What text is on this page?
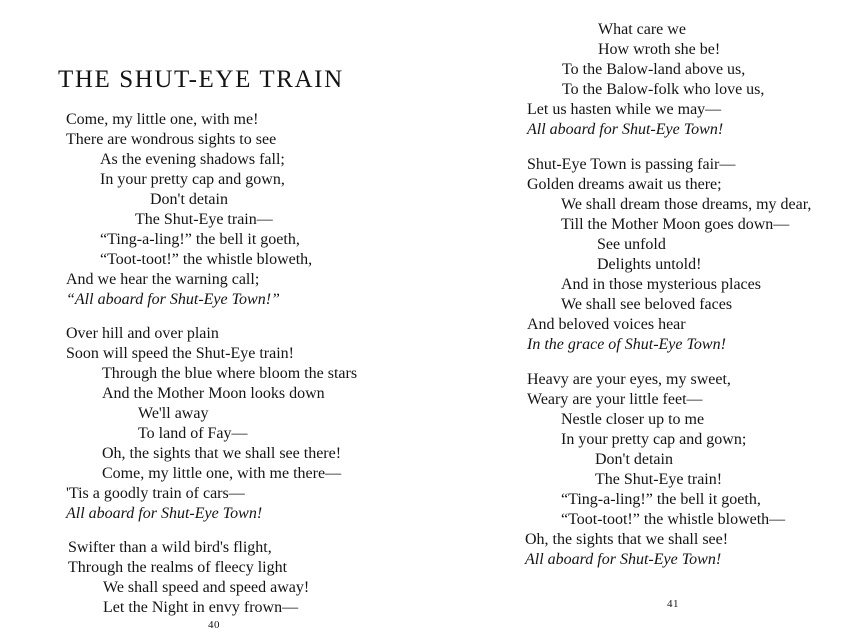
THE SHUT-EYE TRAIN
Come, my little one, with me!
There are wondrous sights to see
As the evening shadows fall;
In your pretty cap and gown,
Don't detain
The Shut-Eye train—
“Ting-a-ling!” the bell it goeth,
“Toot-toot!” the whistle bloweth,
And we hear the warning call;
“All aboard for Shut-Eye Town!”
Over hill and over plain
Soon will speed the Shut-Eye train!
Through the blue where bloom the stars
And the Mother Moon looks down
We'll away
To land of Fay—
Oh, the sights that we shall see there!
Come, my little one, with me there—
'Tis a goodly train of cars—
All aboard for Shut-Eye Town!
Swifter than a wild bird's flight,
Through the realms of fleecy light
We shall speed and speed away!
Let the Night in envy frown—
40
What care we
How wroth she be!
To the Balow-land above us,
To the Balow-folk who love us,
Let us hasten while we may—
All aboard for Shut-Eye Town!
Shut-Eye Town is passing fair—
Golden dreams await us there;
We shall dream those dreams, my dear,
Till the Mother Moon goes down—
See unfold
Delights untold!
And in those mysterious places
We shall see beloved faces
And beloved voices hear
In the grace of Shut-Eye Town!
Heavy are your eyes, my sweet,
Weary are your little feet—
Nestle closer up to me
In your pretty cap and gown;
Don't detain
The Shut-Eye train!
“Ting-a-ling!” the bell it goeth,
“Toot-toot!” the whistle bloweth—
Oh, the sights that we shall see!
All aboard for Shut-Eye Town!
41
